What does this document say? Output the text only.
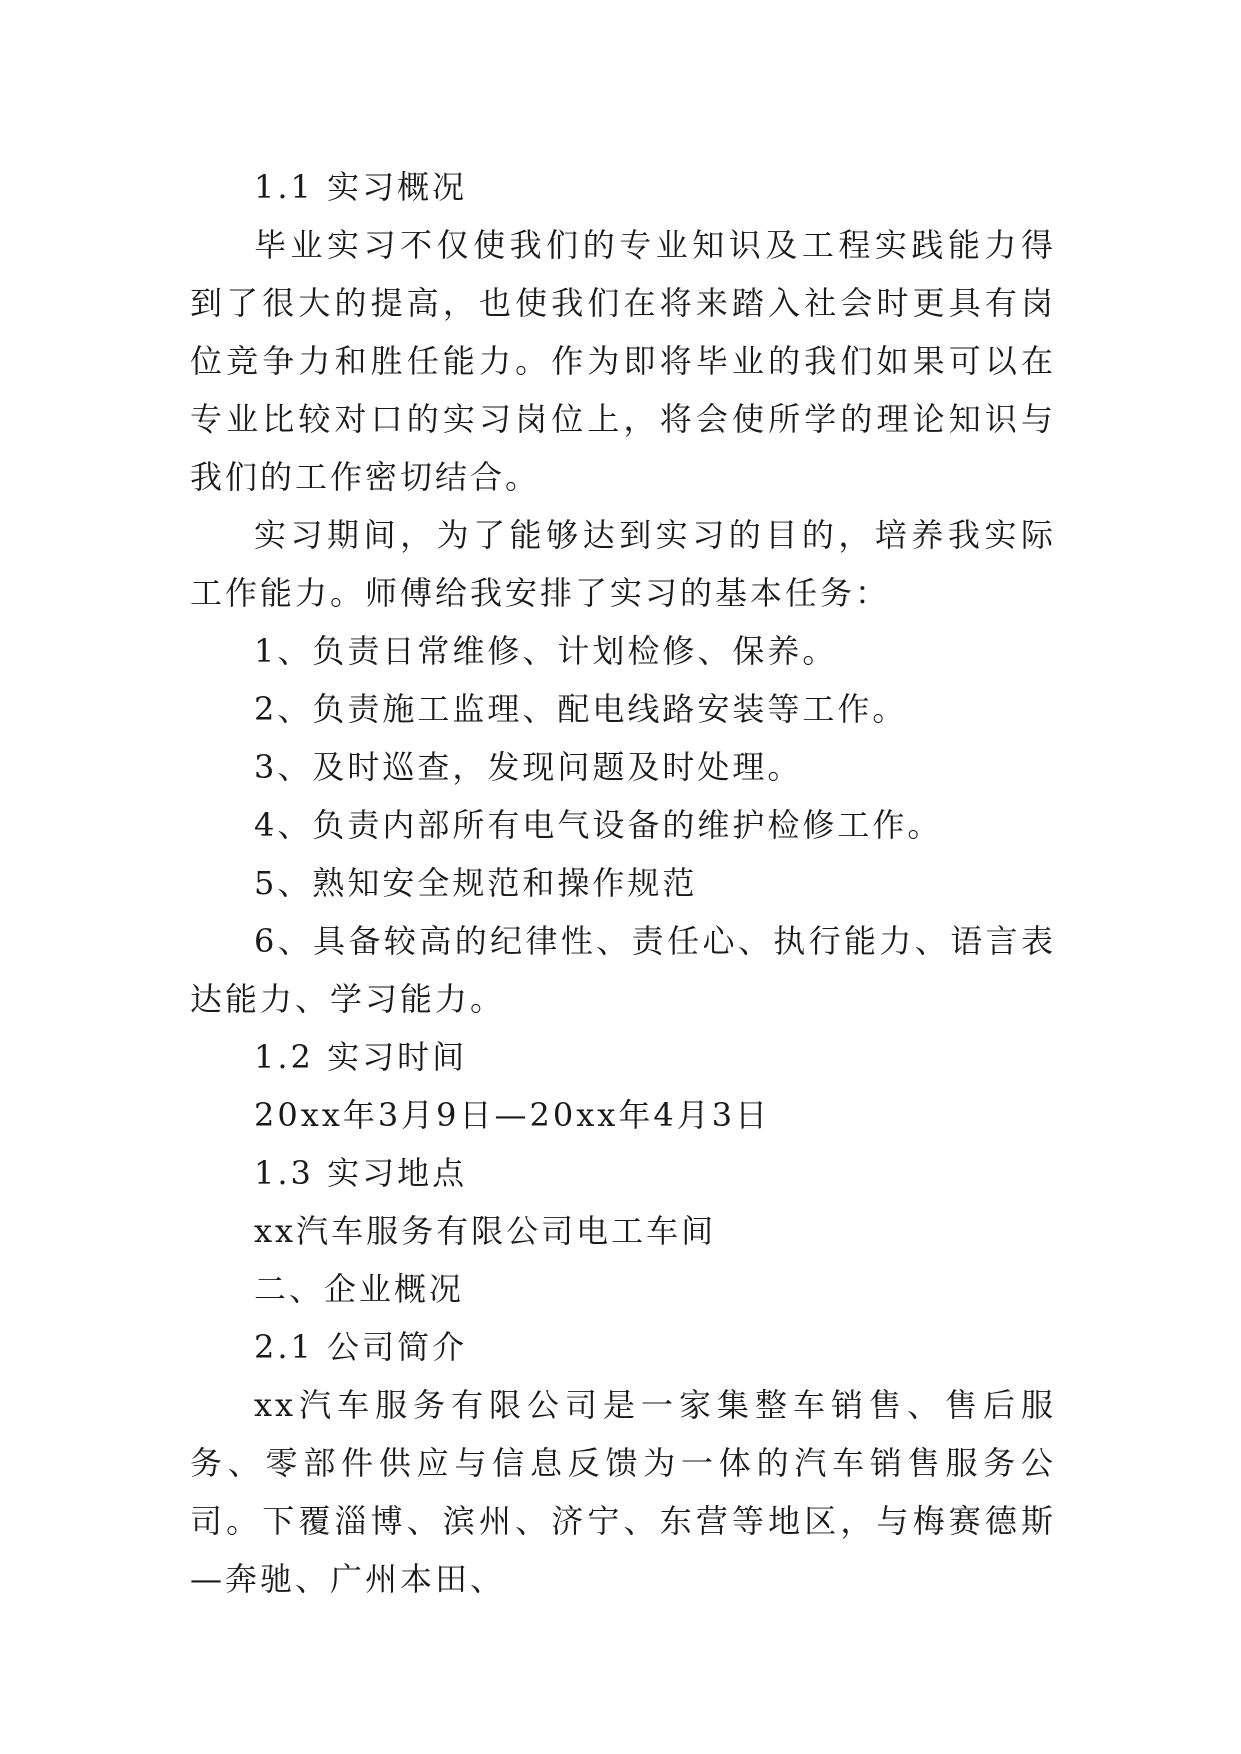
1.1 实习概况

毕业实习不仅使我们的专业知识及工程实践能力得到了很大的提高，也使我们在将来踏入社会时更具有岗位竞争力和胜任能力。作为即将毕业的我们如果可以在专业比较对口的实习岗位上，将会使所学的理论知识与我们的工作密切结合。

实习期间，为了能够达到实习的目的，培养我实际工作能力。师傅给我安排了实习的基本任务：

1、负责日常维修、计划检修、保养。

2、负责施工监理、配电线路安装等工作。

3、及时巡查，发现问题及时处理。

4、负责内部所有电气设备的维护检修工作。

5、熟知安全规范和操作规范

6、具备较高的纪律性、责任心、执行能力、语言表达能力、学习能力。

1.2 实习时间

20xx年3月9日—20xx年4月3日

1.3 实习地点

xx汽车服务有限公司电工车间

二、企业概况

2.1 公司简介

xx汽车服务有限公司是一家集整车销售、售后服务、零部件供应与信息反馈为一体的汽车销售服务公司。下覆淄博、滨州、济宁、东营等地区，与梅赛德斯—奔驰、广州本田、
